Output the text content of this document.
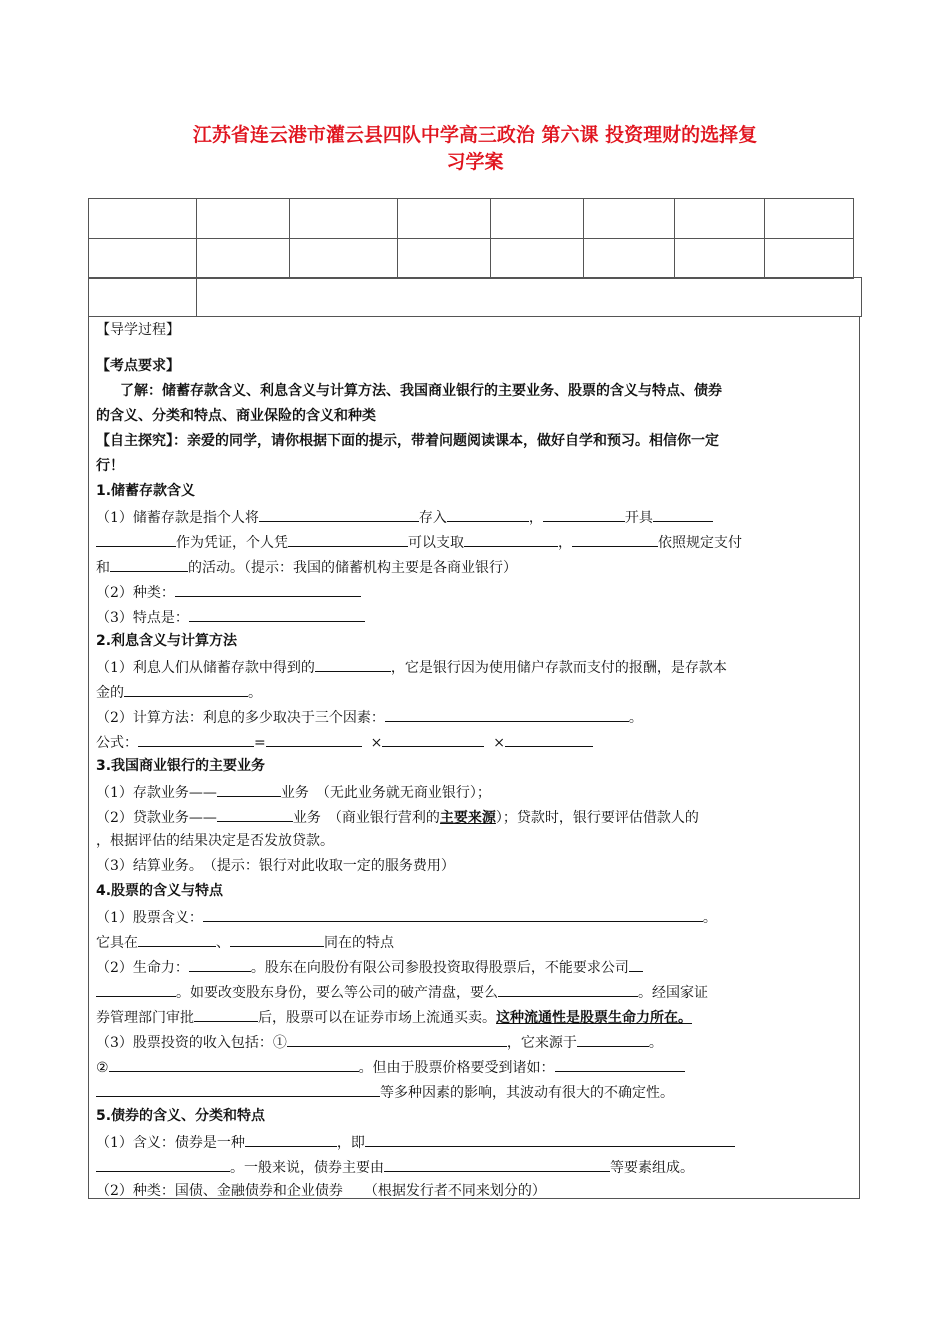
江苏省连云港市灌云县四队中学高三政治 第六课 投资理财的选择复
习学案

【导学过程】
【考点要求】
了解：储蓄存款含义、利息含义与计算方法、我国商业银行的主要业务、股票的含义与特点、债券
的含义、分类和特点、商业保险的含义和种类
【自主探究】：亲爱的同学，请你根据下面的提示，带着问题阅读课本，做好自学和预习。相信你一定
行！
1.储蓄存款含义
（1）储蓄存款是指个人将	存入	，	开具
作为凭证，个人凭	可以支取	，	依照规定支付
和	的活动。（提示：我国的储蓄机构主要是各商业银行）
（2）种类：
（3）特点是：
2.利息含义与计算方法
（1）利息人们从储蓄存款中得到的	，它是银行因为使用储户存款而支付的报酬，是存款本
金的	。
（2）计算方法：利息的多少取决于三个因素：	。
公式：	=	×	×
3.我国商业银行的主要业务
（1）存款业务——	业务　（无此业务就无商业银行）；
（2）贷款业务——	业务　（商业银行营利的主要来源）；贷款时，银行要评估借款人的
，根据评估的结果决定是否发放贷款。
（3）结算业务。　（提示：银行对此收取一定的服务费用）
4.股票的含义与特点
（1）股票含义：	。
它具在	、	同在的特点
（2）生命力：	。股东在向股份有限公司参股投资取得股票后，不能要求公司
。如要改变股东身份，要么等公司的破产清盘，要么	。经国家证
券管理部门审批	后，股票可以在证券市场上流通买卖。这种流通性是股票生命力所在。
（3）股票投资的收入包括：①	，它来源于	。
②	。但由于股票价格要受到诸如：
等多种因素的影响，其波动有很大的不确定性。
5.债券的含义、分类和特点
（1）含义：债券是一种	，即
。一般来说，债券主要由	等要素组成。
（2）种类：国债、金融债券和企业债券　　（根据发行者不同来划分的）
